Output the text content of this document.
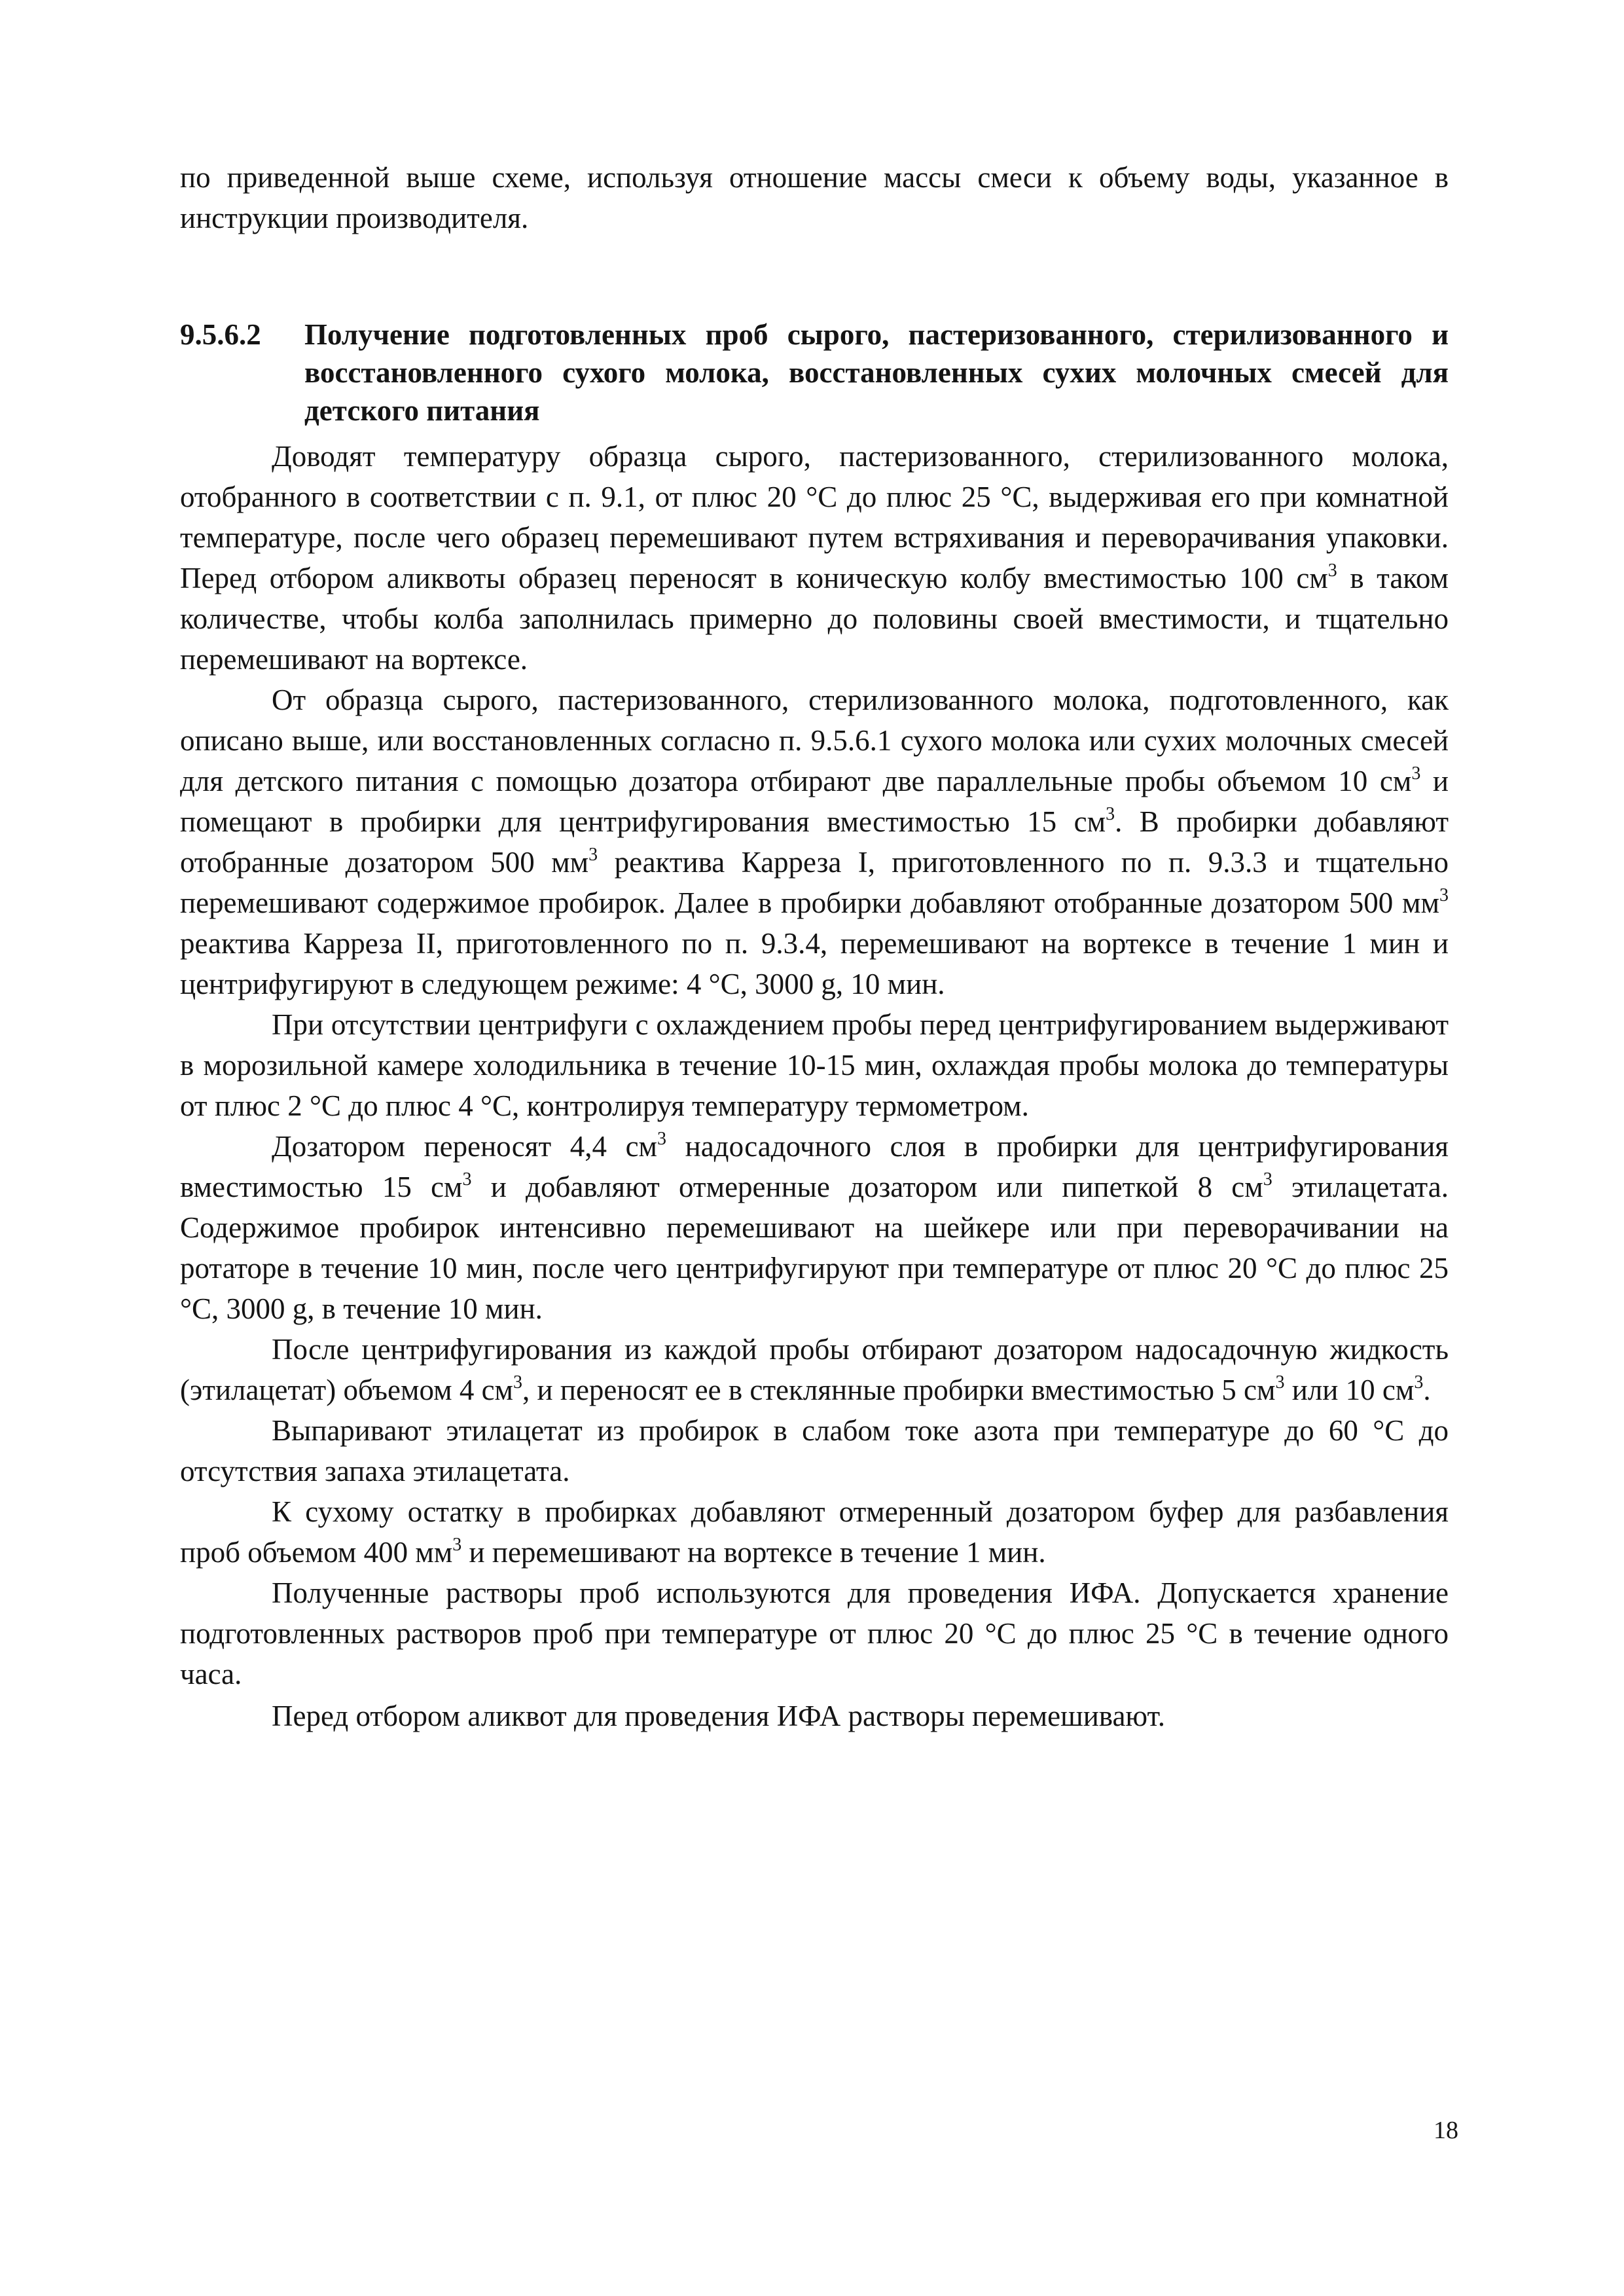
по приведенной выше схеме, используя отношение массы смеси к объему воды, указанное в инструкции производителя.

9.5.6.2	Получение подготовленных проб сырого, пастеризованного, стерилизованного и восстановленного сухого молока, восстановленных сухих молочных смесей для детского питания

Доводят температуру образца сырого, пастеризованного, стерилизованного молока, отобранного в соответствии с п. 9.1, от плюс 20 °С до плюс 25 °С, выдерживая его при комнатной температуре, после чего образец перемешивают путем встряхивания и переворачивания упаковки. Перед отбором аликвоты образец переносят в коническую колбу вместимостью 100 $см^3$ в таком количестве, чтобы колба заполнилась примерно до половины своей вместимости, и тщательно перемешивают на вортексе.

От образца сырого, пастеризованного, стерилизованного молока, подготовленного, как описано выше, или восстановленных согласно п. 9.5.6.1 сухого молока или сухих молочных смесей для детского питания с помощью дозатора отбирают две параллельные пробы объемом 10 $см^3$ и помещают в пробирки для центрифугирования вместимостью 15 $см^3$. В пробирки добавляют отобранные дозатором 500 $мм^3$ реактива Карреза I, приготовленного по п. 9.3.3 и тщательно перемешивают содержимое пробирок. Далее в пробирки добавляют отобранные дозатором 500 $мм^3$ реактива Карреза II, приготовленного по п. 9.3.4, перемешивают на вортексе в течение 1 мин и центрифугируют в следующем режиме: 4 °С, 3000 g, 10 мин.

При отсутствии центрифуги с охлаждением пробы перед центрифугированием выдерживают в морозильной камере холодильника в течение 10-15 мин, охлаждая пробы молока до температуры от плюс 2 °С до плюс 4 °С, контролируя температуру термометром.

Дозатором переносят 4,4 $см^3$ надосадочного слоя в пробирки для центрифугирования вместимостью 15 $см^3$ и добавляют отмеренные дозатором или пипеткой 8 $см^3$ этилацетата. Содержимое пробирок интенсивно перемешивают на шейкере или при переворачивании на ротаторе в течение 10 мин, после чего центрифугируют при температуре от плюс 20 °С до плюс 25 °С, 3000 g, в течение 10 мин.

После центрифугирования из каждой пробы отбирают дозатором надосадочную жидкость (этилацетат) объемом 4 $см^3$, и переносят ее в стеклянные пробирки вместимостью 5 $см^3$ или 10 $см^3$.

Выпаривают этилацетат из пробирок в слабом токе азота при температуре до 60 °С до отсутствия запаха этилацетата.

К сухому остатку в пробирках добавляют отмеренный дозатором буфер для разбавления проб объемом 400 $мм^3$ и перемешивают на вортексе в течение 1 мин.

Полученные растворы проб используются для проведения ИФА. Допускается хранение подготовленных растворов проб при температуре от плюс 20 °С до плюс 25 °С в течение одного часа.

Перед отбором аликвот для проведения ИФА растворы перемешивают.

18
